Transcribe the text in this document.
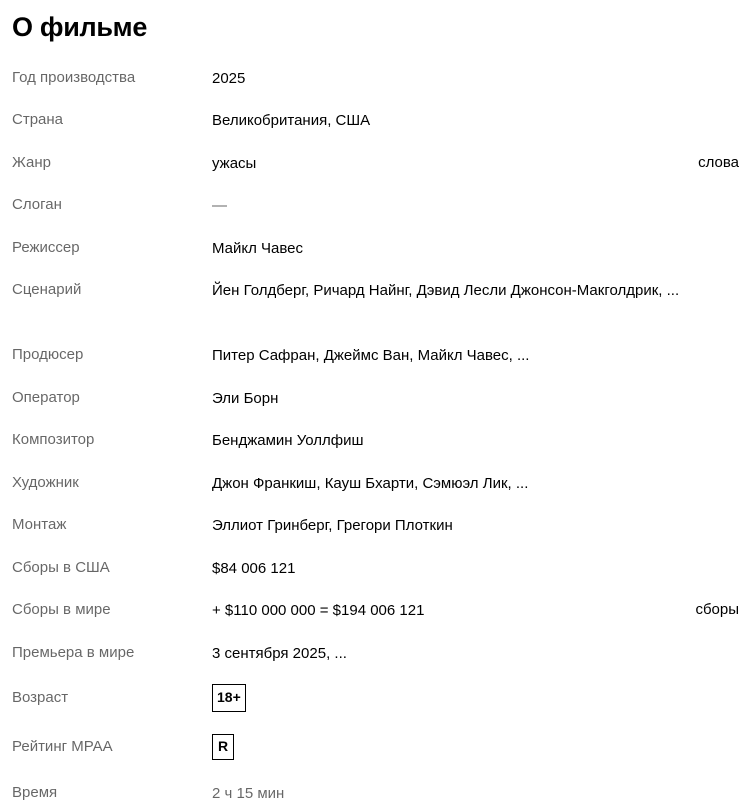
О фильме
Год производства	2025
Страна	Великобритания, США
Жанр	ужасы	слова
Слоган	—
Режиссер	Майкл Чавес
Сценарий	Йен Голдберг, Ричард Найнг, Дэвид Лесли Джонсон-Макголдрик, ...
Продюсер	Питер Сафран, Джеймс Ван, Майкл Чавес, ...
Оператор	Эли Борн
Композитор	Бенджамин Уоллфиш
Художник	Джон Франкиш, Кауш Бхарти, Сэмюэл Лик, ...
Монтаж	Эллиот Гринберг, Грегори Плоткин
Сборы в США	$84 006 121
Сборы в мире	+ $110 000 000 = $194 006 121	сборы
Премьера в мире	3 сентября 2025, ...
Возраст	18+
Рейтинг MPAA	R
Время	2 ч 15 мин
